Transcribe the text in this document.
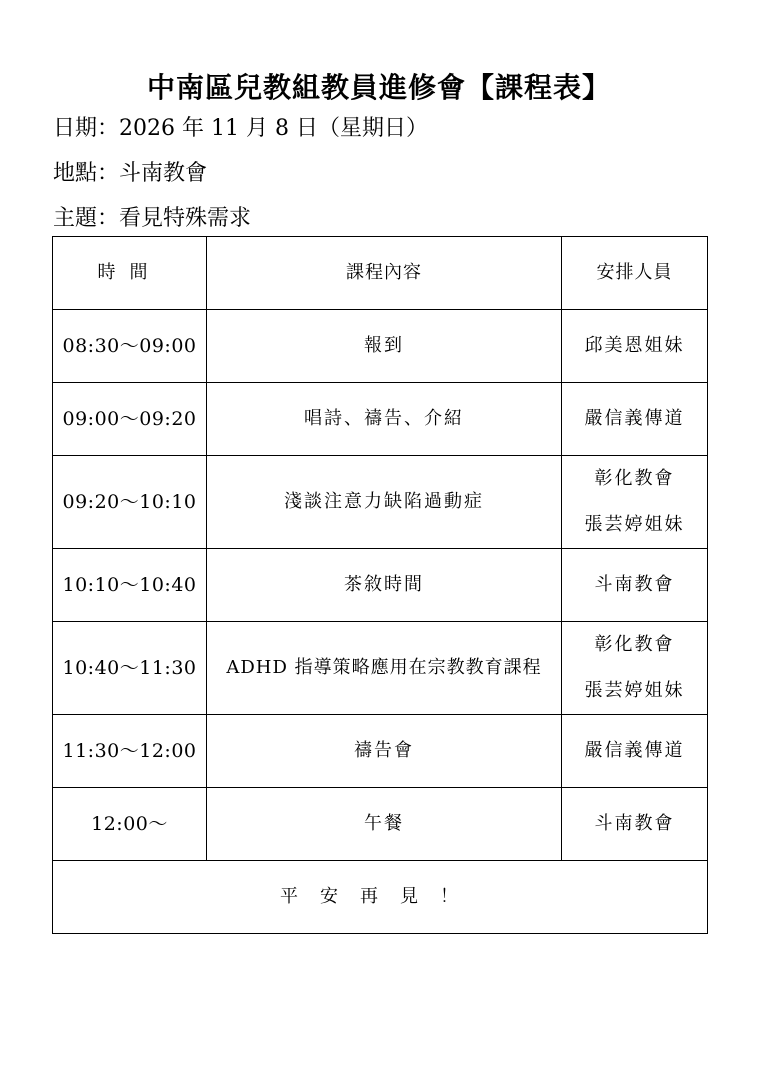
中南區兒教組教員進修會【課程表】
日期：2026 年 11 月 8 日（星期日）
地點：斗南教會
主題：看見特殊需求
時間	課程內容	安排人員
08:30～09:00	報到	邱美恩姐妹

09:00～09:20	唱詩、禱告、介紹	嚴信義傳道

09:20～10:10	淺談注意力缺陷過動症	彰化教會
張芸婷姐妹

10:10～10:40	茶敘時間	斗南教會

10:40～11:30	ADHD 指導策略應用在宗教教育課程	彰化教會
張芸婷姐妹

11:30～12:00	禱告會	嚴信義傳道

12:00～	午餐	斗南教會

平安再見！		
